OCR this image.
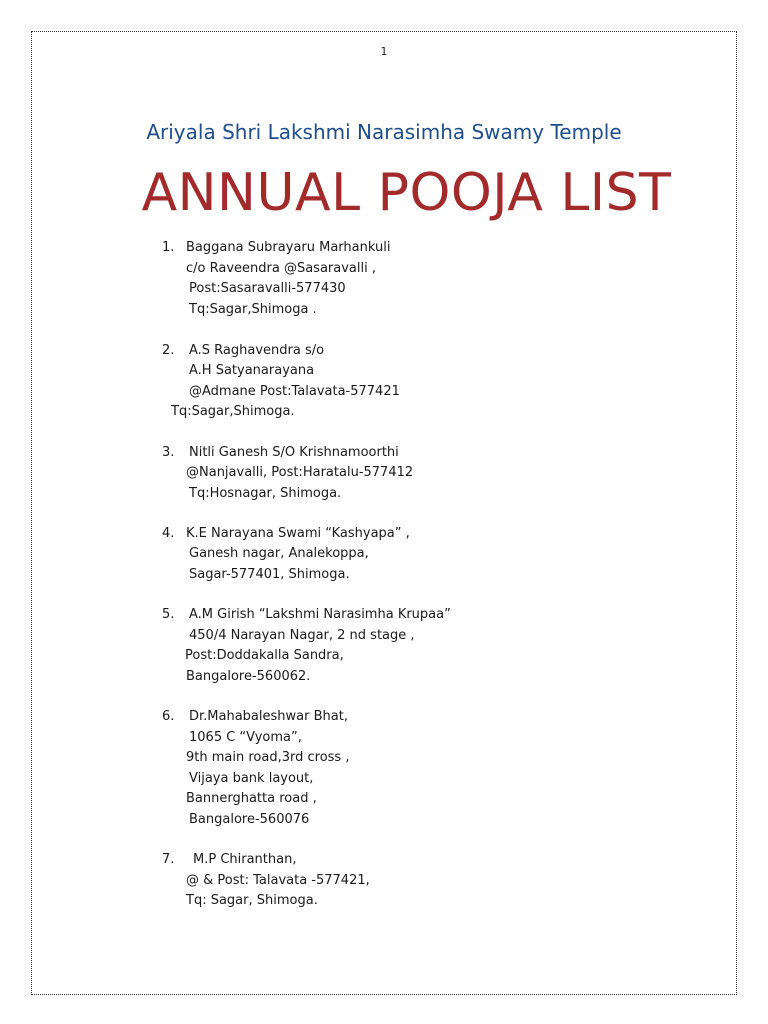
1
Ariyala Shri Lakshmi Narasimha Swamy Temple
ANNUAL POOJA LIST
1. Baggana Subrayaru Marhankuli
c/o Raveendra @Sasaravalli ,
Post:Sasaravalli-577430
Tq:Sagar,Shimoga .
2. A.S Raghavendra s/o
A.H Satyanarayana
@Admane Post:Talavata-577421
Tq:Sagar,Shimoga.
3. Nitli Ganesh S/O Krishnamoorthi
@Nanjavalli, Post:Haratalu-577412
Tq:Hosnagar, Shimoga.
4. K.E Narayana Swami “Kashyapa” ,
Ganesh nagar, Analekoppa,
Sagar-577401, Shimoga.
5. A.M Girish “Lakshmi Narasimha Krupaa”
450/4 Narayan Nagar, 2 nd stage ,
Post:Doddakalla Sandra,
Bangalore-560062.
6. Dr.Mahabaleshwar Bhat,
1065 C “Vyoma”,
9th main road,3rd cross ,
Vijaya bank layout,
Bannerghatta road ,
Bangalore-560076
7. M.P Chiranthan,
@ & Post: Talavata -577421,
Tq: Sagar, Shimoga.
